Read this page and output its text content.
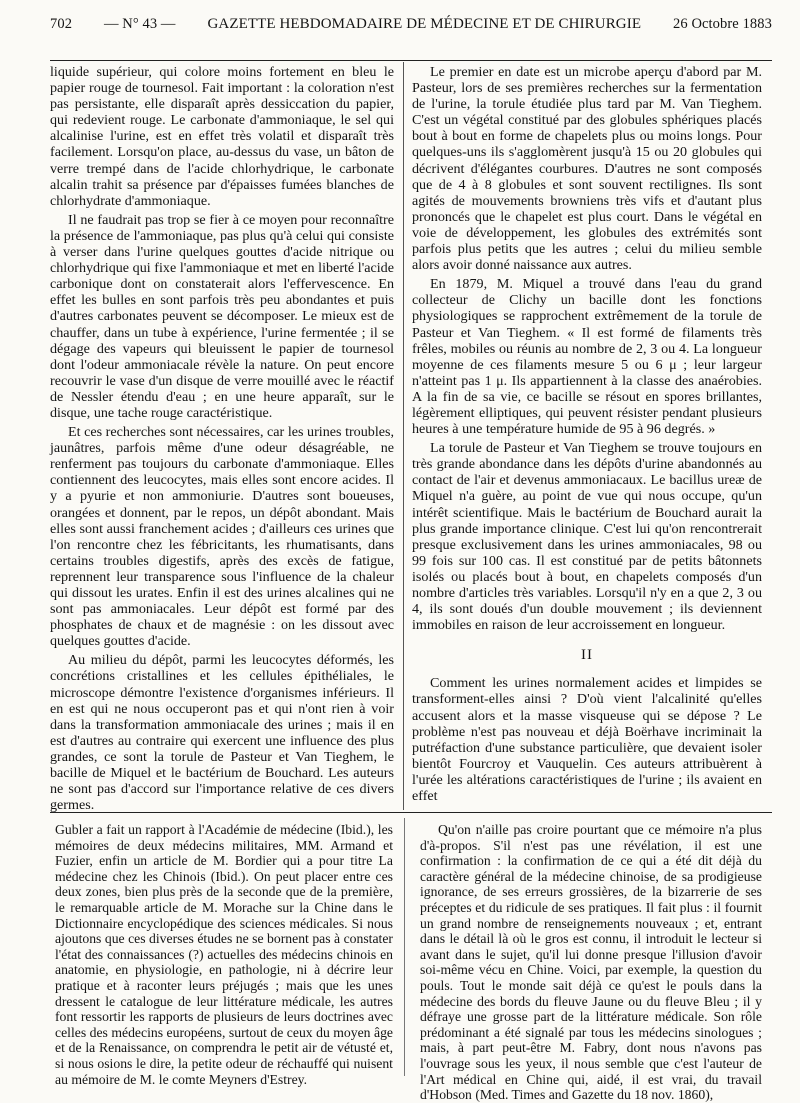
702 — N° 43 — GAZETTE HEBDOMADAIRE DE MÉDECINE ET DE CHIRURGIE 26 Octobre 1883

liquide supérieur, qui colore moins fortement en bleu le papier rouge de tournesol. Fait important : la coloration n'est pas persistante, elle disparaît après dessiccation du papier, qui redevient rouge. Le carbonate d'ammoniaque, le sel qui alcalinise l'urine, est en effet très volatil et disparaît très facilement. Lorsqu'on place, au-dessus du vase, un bâton de verre trempé dans de l'acide chlorhydrique, le carbonate alcalin trahit sa présence par d'épaisses fumées blanches de chlorhydrate d'ammoniaque.

Il ne faudrait pas trop se fier à ce moyen pour reconnaître la présence de l'ammoniaque, pas plus qu'à celui qui consiste à verser dans l'urine quelques gouttes d'acide nitrique ou chlorhydrique qui fixe l'ammoniaque et met en liberté l'acide carbonique dont on constaterait alors l'effervescence. En effet les bulles en sont parfois très peu abondantes et puis d'autres carbonates peuvent se décomposer. Le mieux est de chauffer, dans un tube à expérience, l'urine fermentée ; il se dégage des vapeurs qui bleuissent le papier de tournesol dont l'odeur ammoniacale révèle la nature. On peut encore recouvrir le vase d'un disque de verre mouillé avec le réactif de Nessler étendu d'eau ; en une heure apparaît, sur le disque, une tache rouge caractéristique.

Et ces recherches sont nécessaires, car les urines troubles, jaunâtres, parfois même d'une odeur désagréable, ne renferment pas toujours du carbonate d'ammoniaque. Elles contiennent des leucocytes, mais elles sont encore acides. Il y a pyurie et non ammoniurie. D'autres sont boueuses, orangées et donnent, par le repos, un dépôt abondant. Mais elles sont aussi franchement acides ; d'ailleurs ces urines que l'on rencontre chez les fébricitants, les rhumatisants, dans certains troubles digestifs, après des excès de fatigue, reprennent leur transparence sous l'influence de la chaleur qui dissout les urates. Enfin il est des urines alcalines qui ne sont pas ammoniacales. Leur dépôt est formé par des phosphates de chaux et de magnésie : on les dissout avec quelques gouttes d'acide.

Au milieu du dépôt, parmi les leucocytes déformés, les concrétions cristallines et les cellules épithéliales, le microscope démontre l'existence d'organismes inférieurs. Il en est qui ne nous occuperont pas et qui n'ont rien à voir dans la transformation ammoniacale des urines ; mais il en est d'autres au contraire qui exercent une influence des plus grandes, ce sont la torule de Pasteur et Van Tieghem, le bacille de Miquel et le bactérium de Bouchard. Les auteurs ne sont pas d'accord sur l'importance relative de ces divers germes.

Le premier en date est un microbe aperçu d'abord par M. Pasteur, lors de ses premières recherches sur la fermentation de l'urine, la torule étudiée plus tard par M. Van Tieghem. C'est un végétal constitué par des globules sphériques placés bout à bout en forme de chapelets plus ou moins longs. Pour quelques-uns ils s'agglomèrent jusqu'à 15 ou 20 globules qui décrivent d'élégantes courbures. D'autres ne sont composés que de 4 à 8 globules et sont souvent rectilignes. Ils sont agités de mouvements browniens très vifs et d'autant plus prononcés que le chapelet est plus court. Dans le végétal en voie de développement, les globules des extrémités sont parfois plus petits que les autres ; celui du milieu semble alors avoir donné naissance aux autres.

En 1879, M. Miquel a trouvé dans l'eau du grand collecteur de Clichy un bacille dont les fonctions physiologiques se rapprochent extrêmement de la torule de Pasteur et Van Tieghem. « Il est formé de filaments très frêles, mobiles ou réunis au nombre de 2, 3 ou 4. La longueur moyenne de ces filaments mesure 5 ou 6 μ ; leur largeur n'atteint pas 1 μ. Ils appartiennent à la classe des anaérobies. A la fin de sa vie, ce bacille se résout en spores brillantes, légèrement elliptiques, qui peuvent résister pendant plusieurs heures à une température humide de 95 à 96 degrés. »

La torule de Pasteur et Van Tieghem se trouve toujours en très grande abondance dans les dépôts d'urine abandonnés au contact de l'air et devenus ammoniacaux. Le bacillus ureæ de Miquel n'a guère, au point de vue qui nous occupe, qu'un intérêt scientifique. Mais le bactérium de Bouchard aurait la plus grande importance clinique. C'est lui qu'on rencontrerait presque exclusivement dans les urines ammoniacales, 98 ou 99 fois sur 100 cas. Il est constitué par de petits bâtonnets isolés ou placés bout à bout, en chapelets composés d'un nombre d'articles très variables. Lorsqu'il n'y en a que 2, 3 ou 4, ils sont doués d'un double mouvement ; ils deviennent immobiles en raison de leur accroissement en longueur.

II

Comment les urines normalement acides et limpides se transforment-elles ainsi ? D'où vient l'alcalinité qu'elles accusent alors et la masse visqueuse qui se dépose ? Le problème n'est pas nouveau et déjà Boërhave incriminait la putréfaction d'une substance particulière, que devaient isoler bientôt Fourcroy et Vauquelin. Ces auteurs attribuèrent à l'urée les altérations caractéristiques de l'urine ; ils avaient en effet

Gubler a fait un rapport à l'Académie de médecine (Ibid.), les mémoires de deux médecins militaires, MM. Armand et Fuzier, enfin un article de M. Bordier qui a pour titre La médecine chez les Chinois (Ibid.). On peut placer entre ces deux zones, bien plus près de la seconde que de la première, le remarquable article de M. Morache sur la Chine dans le Dictionnaire encyclopédique des sciences médicales. Si nous ajoutons que ces diverses études ne se bornent pas à constater l'état des connaissances (?) actuelles des médecins chinois en anatomie, en physiologie, en pathologie, ni à décrire leur pratique et à raconter leurs préjugés ; mais que les unes dressent le catalogue de leur littérature médicale, les autres font ressortir les rapports de plusieurs de leurs doctrines avec celles des médecins européens, surtout de ceux du moyen âge et de la Renaissance, on comprendra le petit air de vétusté et, si nous osions le dire, la petite odeur de réchauffé qui nuisent au mémoire de M. le comte Meyners d'Estrey.

Qu'on n'aille pas croire pourtant que ce mémoire n'a plus d'à-propos. S'il n'est pas une révélation, il est une confirmation : la confirmation de ce qui a été dit déjà du caractère général de la médecine chinoise, de sa prodigieuse ignorance, de ses erreurs grossières, de la bizarrerie de ses préceptes et du ridicule de ses pratiques. Il fait plus : il fournit un grand nombre de renseignements nouveaux ; et, entrant dans le détail là où le gros est connu, il introduit le lecteur si avant dans le sujet, qu'il lui donne presque l'illusion d'avoir soi-même vécu en Chine. Voici, par exemple, la question du pouls. Tout le monde sait déjà ce qu'est le pouls dans la médecine des bords du fleuve Jaune ou du fleuve Bleu ; il y défraye une grosse part de la littérature médicale. Son rôle prédominant a été signalé par tous les médecins sinologues ; mais, à part peut-être M. Fabry, dont nous n'avons pas l'ouvrage sous les yeux, il nous semble que c'est l'auteur de l'Art médical en Chine qui, aidé, il est vrai, du travail d'Hobson (Med. Times and Gazette du 18 nov. 1860),
